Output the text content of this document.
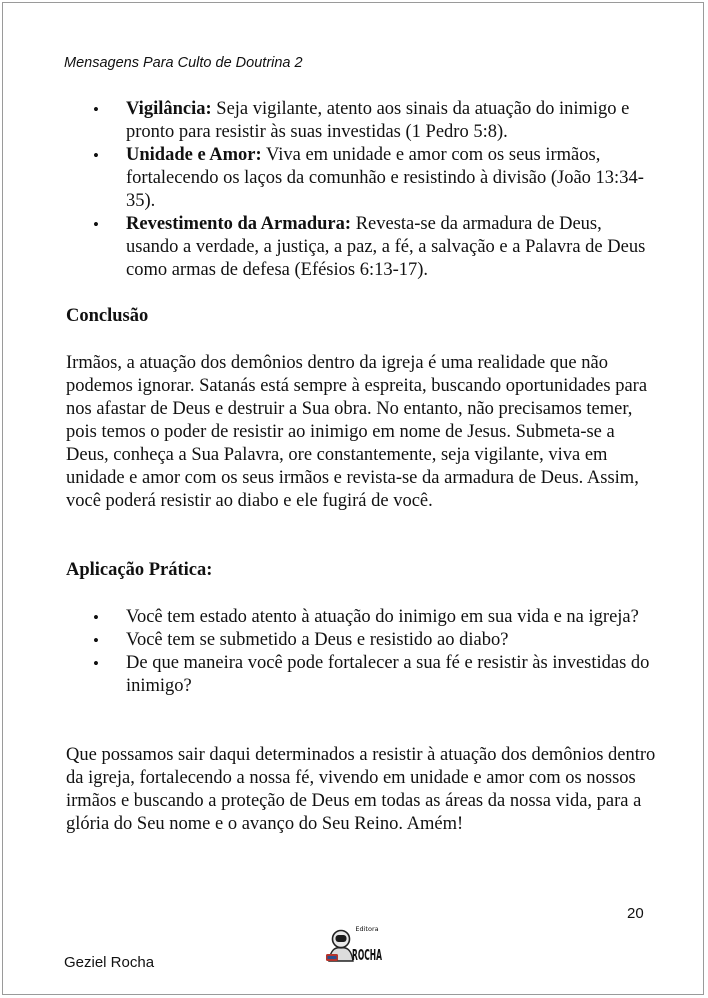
Mensagens Para Culto de Doutrina 2
• Vigilância: Seja vigilante, atento aos sinais da atuação do inimigo e pronto para resistir às suas investidas (1 Pedro 5:8).
• Unidade e Amor: Viva em unidade e amor com os seus irmãos, fortalecendo os laços da comunhão e resistindo à divisão (João 13:34-35).
• Revestimento da Armadura: Revesta-se da armadura de Deus, usando a verdade, a justiça, a paz, a fé, a salvação e a Palavra de Deus como armas de defesa (Efésios 6:13-17).
Conclusão

Irmãos, a atuação dos demônios dentro da igreja é uma realidade que não podemos ignorar. Satanás está sempre à espreita, buscando oportunidades para nos afastar de Deus e destruir a Sua obra. No entanto, não precisamos temer, pois temos o poder de resistir ao inimigo em nome de Jesus. Submeta-se a Deus, conheça a Sua Palavra, ore constantemente, seja vigilante, viva em unidade e amor com os seus irmãos e revista-se da armadura de Deus. Assim, você poderá resistir ao diabo e ele fugirá de você.

Aplicação Prática:
• Você tem estado atento à atuação do inimigo em sua vida e na igreja?
• Você tem se submetido a Deus e resistido ao diabo?
• De que maneira você pode fortalecer a sua fé e resistir às investidas do inimigo?

Que possamos sair daqui determinados a resistir à atuação dos demônios dentro da igreja, fortalecendo a nossa fé, vivendo em unidade e amor com os nossos irmãos e buscando a proteção de Deus em todas as áreas da nossa vida, para a glória do Seu nome e o avanço do Seu Reino. Amém!

20
Geziel Rocha
Editora
ROCHA
